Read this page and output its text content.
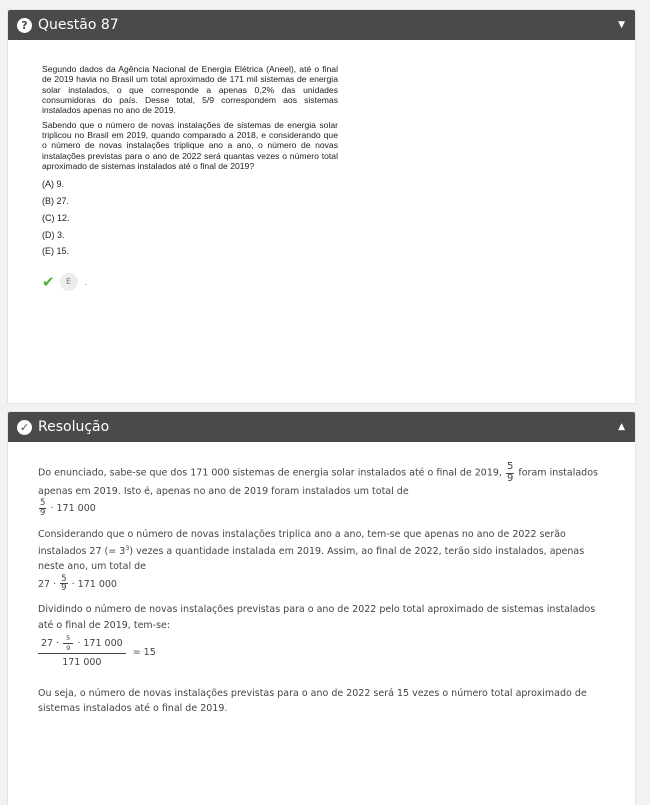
? Questão 87	▼

Segundo dados da Agência Nacional de Energia Elétrica (Aneel), até o final de 2019 havia no Brasil um total aproximado de 171 mil sistemas de energia solar instalados, o que corresponde a apenas 0,2% das unidades consumidoras do país. Desse total, 5/9 correspondem aos sistemas instalados apenas no ano de 2019.

Sabendo que o número de novas instalações de sistemas de energia solar triplicou no Brasil em 2019, quando comparado a 2018, e considerando que o número de novas instalações triplique ano a ano, o número de novas instalações previstas para o ano de 2022 será quantas vezes o número total aproximado de sistemas instalados até o final de 2019?

(A) 9.
(B) 27.
(C) 12.
(D) 3.
(E) 15.
✔	E	.
✓ Resolução	▲

Do enunciado, sabe-se que dos 171 000 sistemas de energia solar instalados até o final de 2019, $\frac{5}{9}$ foram instalados apenas em 2019. Isto é, apenas no ano de 2019 foram instalados um total de

$\frac{5}{9} \cdot 171$ 000

Considerando que o número de novas instalações triplica ano a ano, tem-se que apenas no ano de 2022 serão instalados 27 (= $3^3$) vezes a quantidade instalada em 2019. Assim, ao final de 2022, terão sido instalados, apenas neste ano, um total de

$27 \cdot \frac{5}{9} \cdot 171$ 000

Dividindo o número de novas instalações previstas para o ano de 2022 pelo total aproximado de sistemas instalados até o final de 2019, tem-se:

$\frac{27 \cdot \frac{5}{9} \cdot 171 000}{171 000} = 15$

Ou seja, o número de novas instalações previstas para o ano de 2022 será 15 vezes o número total aproximado de sistemas instalados até o final de 2019.
